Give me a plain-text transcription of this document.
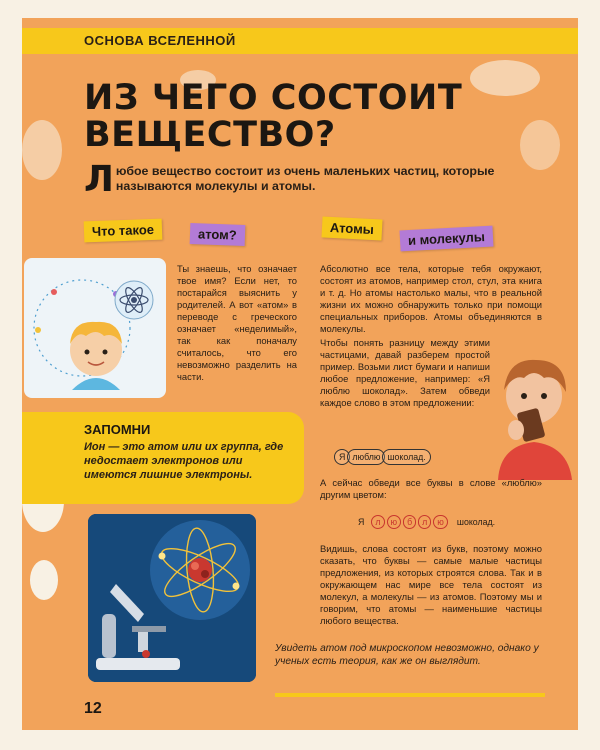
ОСНОВА ВСЕЛЕННОЙ
ИЗ ЧЕГО СОСТОИТ
ВЕЩЕСТВО?
Любое вещество состоит из очень маленьких частиц, которые называются молекулы и атомы.
Что такое	атом?	Атомы
и молекулы
Ты знаешь, что означает твое имя? Если нет, то постарайся выяснить у родителей. А вот «атом» в переводе с греческого означает «неделимый», так как поначалу считалось, что его невозможно разделить на части.
ЗАПОМНИ
Ион — это атом или их группа, где недостает электронов или имеются лишние электроны.
Абсолютно все тела, которые тебя окружают, состоят из атомов, например стол, стул, эта книга и т. д. Но атомы настолько малы, что в реальной жизни их можно обнаружить только при помощи специальных приборов. Атомы объединяются в молекулы.
Чтобы понять разницу между этими частицами, давай разберем простой пример. Возьми лист бумаги и напиши любое предложение, например: «Я люблю шоколад». Затем обведи каждое слово в этом предложении:
Я люблю шоколад.
А сейчас обведи все буквы в слове «люблю» другим цветом:
Я	л	ю	б	л	ю	шоколад.
Видишь, слова состоят из букв, поэтому можно сказать, что буквы — самые малые частицы предложения, из которых строятся слова. Так и в окружающем нас мире все тела состоят из молекул, а молекулы — из атомов. Поэтому мы и говорим, что атомы — наименьшие частицы любого вещества.
Увидеть атом под микроскопом невозможно, однако у ученых есть теория, как же он выглядит.
12
